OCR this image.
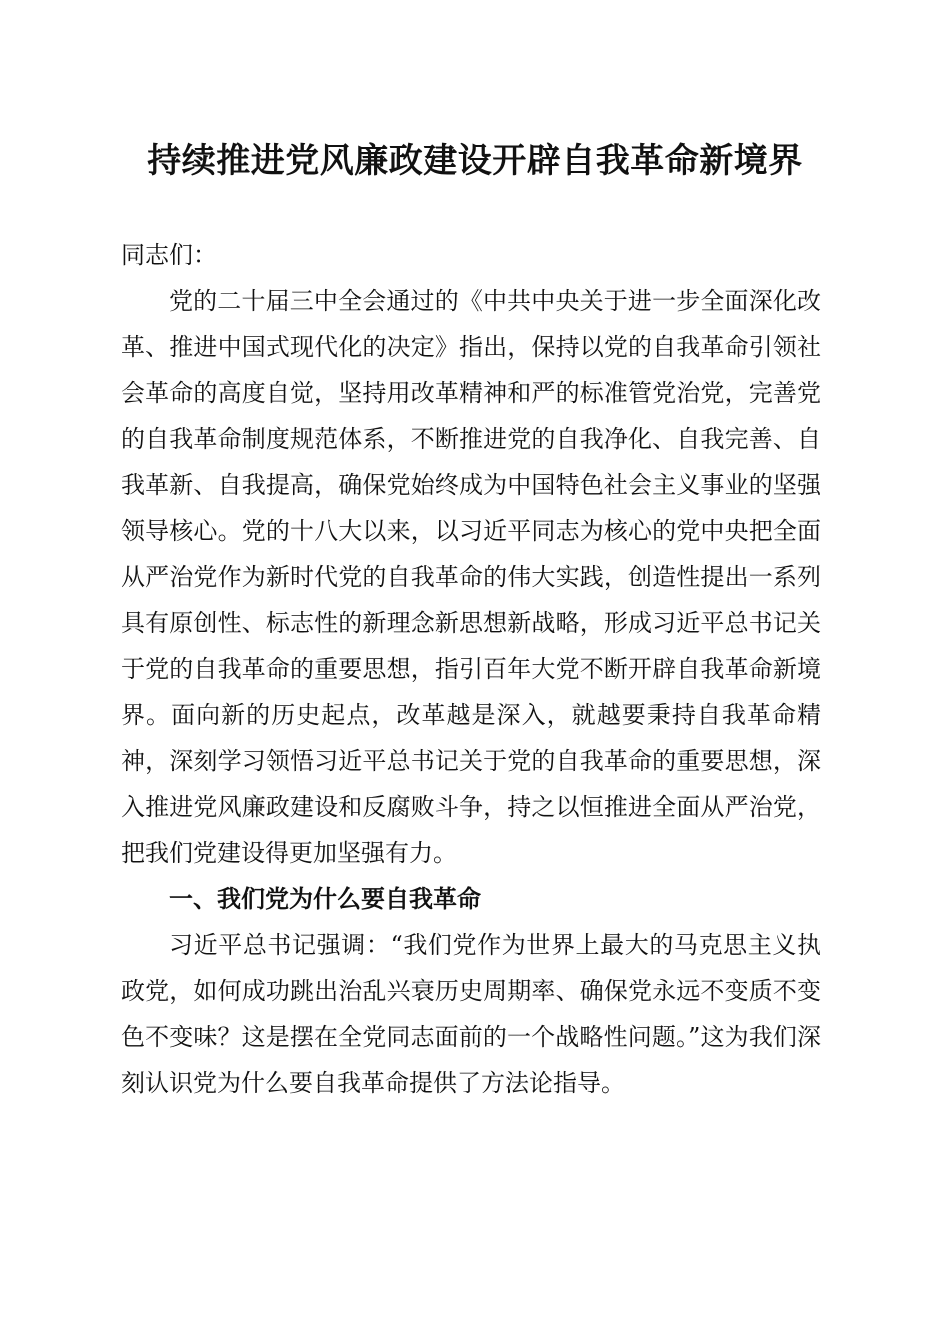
持续推进党风廉政建设开辟自我革命新境界

同志们：

党的二十届三中全会通过的《中共中央关于进一步全面深化改革、推进中国式现代化的决定》指出，保持以党的自我革命引领社会革命的高度自觉，坚持用改革精神和严的标准管党治党，完善党的自我革命制度规范体系，不断推进党的自我净化、自我完善、自我革新、自我提高，确保党始终成为中国特色社会主义事业的坚强领导核心。党的十八大以来，以习近平同志为核心的党中央把全面从严治党作为新时代党的自我革命的伟大实践，创造性提出一系列具有原创性、标志性的新理念新思想新战略，形成习近平总书记关于党的自我革命的重要思想，指引百年大党不断开辟自我革命新境界。面向新的历史起点，改革越是深入，就越要秉持自我革命精神，深刻学习领悟习近平总书记关于党的自我革命的重要思想，深入推进党风廉政建设和反腐败斗争，持之以恒推进全面从严治党，把我们党建设得更加坚强有力。

一、我们党为什么要自我革命

习近平总书记强调：“我们党作为世界上最大的马克思主义执政党，如何成功跳出治乱兴衰历史周期率、确保党永远不变质不变色不变味？这是摆在全党同志面前的一个战略性问题。”这为我们深刻认识党为什么要自我革命提供了方法论指导。
